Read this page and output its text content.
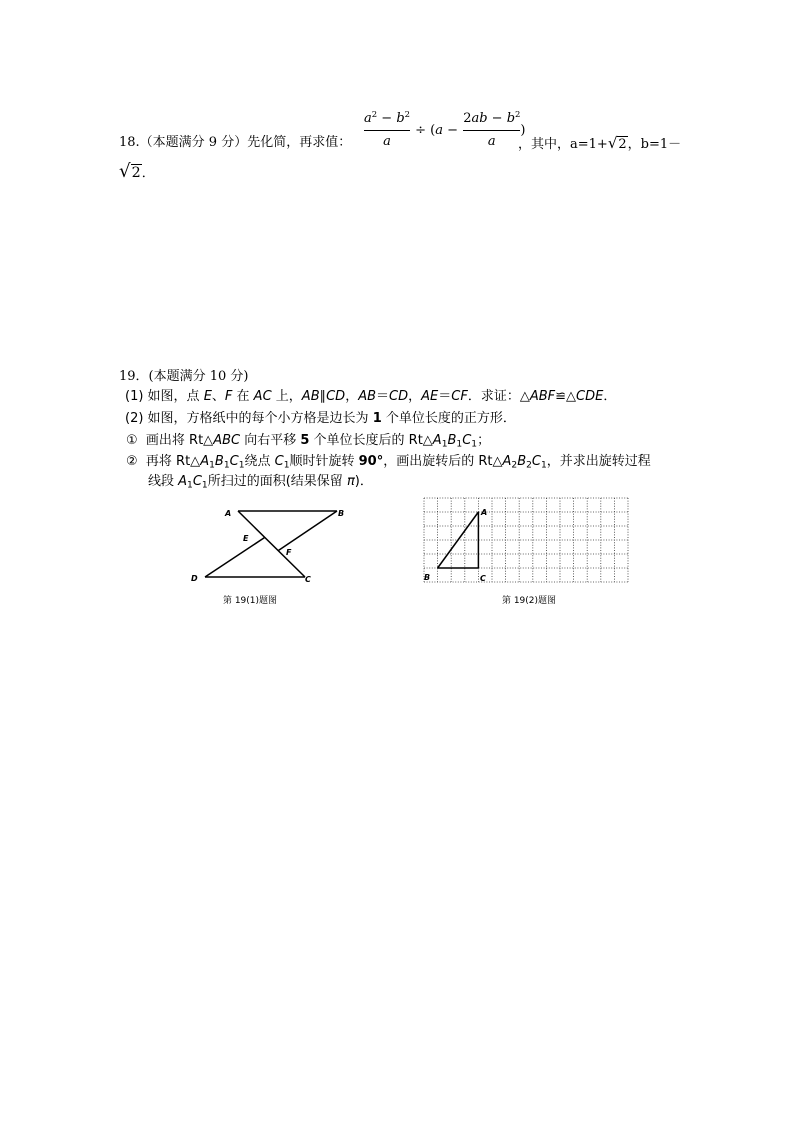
18.（本题满分 9 分）先化简，再求值： $\frac{a^2 - b^2}{a} \div (a - \frac{2ab - b^2}{a}$ )
，其中，a=1+√2，b=1－
√2．
19．(本题满分 10 分)
(1) 如图，点 E、F 在 AC 上，AB∥CD，AB＝CD，AE＝CF．求证：△ABF≌△CDE．
(2) 如图，方格纸中的每个小方格是边长为 1 个单位长度的正方形．
①  画出将 Rt△ABC 向右平移 5 个单位长度后的 $Rt\triangle A_1B_1C_1$；
②  再将 $Rt\triangle A_1B_1C_1$绕点 $C_1$顺时针旋转 90°，画出旋转后的 $Rt\triangle A_2B_2C_1$，并求出旋转过程
线段 $A_1C_1$所扫过的面积(结果保留 π)．
A	B
E
F
D	C
第 19(1)题图
A
B	C
第 19(2)题图
